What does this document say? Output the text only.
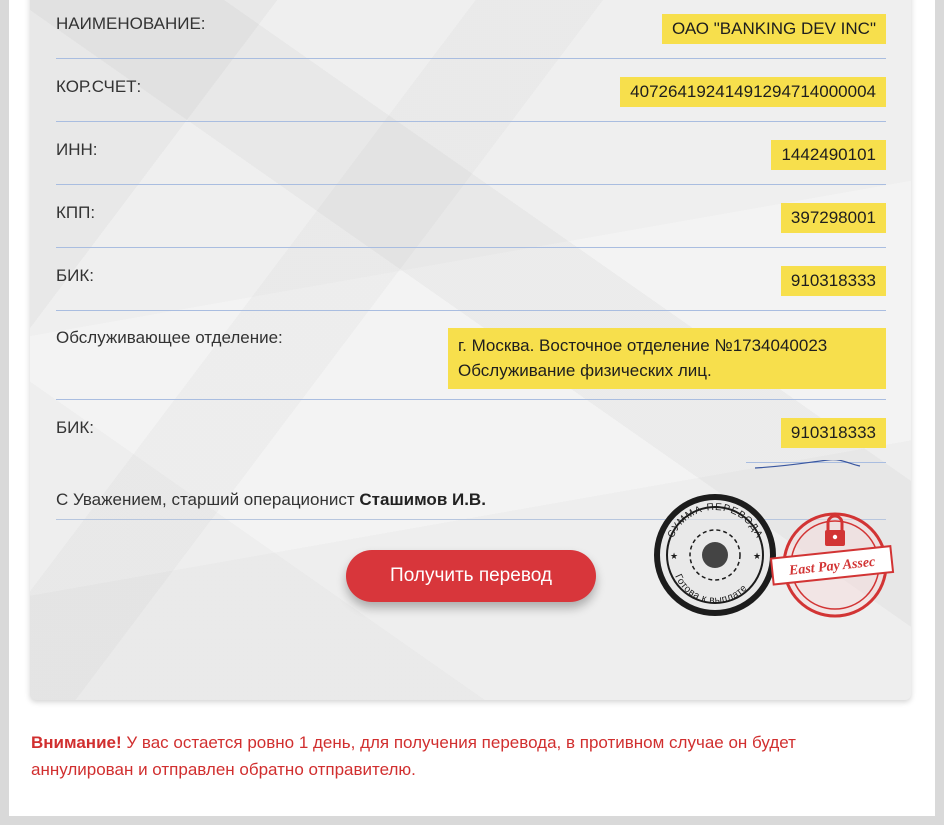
НАИМЕНОВАНИЕ:	ОАО "BANKING DEV INC"
КОР.СЧЕТ:	40726419241491294714000004
ИНН:	1442490101
КПП:	397298001
БИК:	910318333
Обслуживающее отделение:	г. Москва. Восточное отделение №1734040023
Обслуживание физических лиц.
БИК:	910318333
С Уважением, старший операционист Сташимов И.В.
СУММА ПЕРЕВОДА
Готова к выплате
★	★ East Pay Assec
Получить перевод
Внимание! У вас остается ровно 1 день, для получения перевода, в противном случае он будет аннулирован и отправлен обратно отправителю.
